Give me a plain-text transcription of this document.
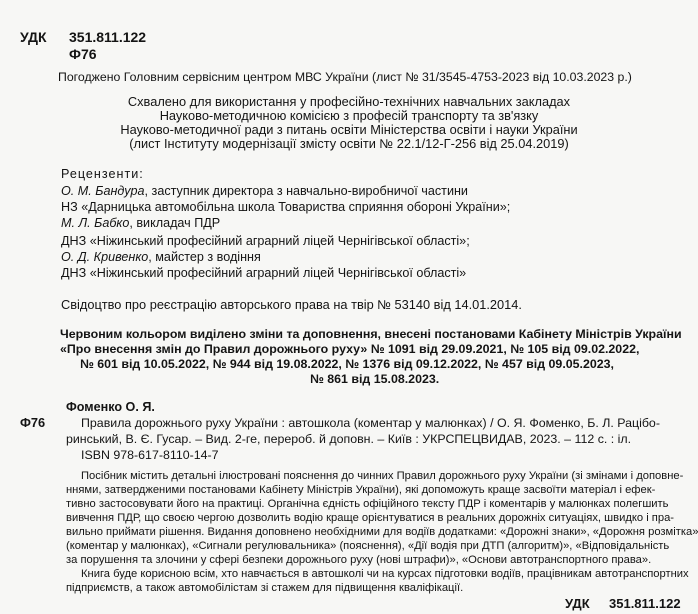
УДК 351.811.122
Ф76
Погоджено Головним сервісним центром МВС України (лист № 31/3545-4753-2023 від 10.03.2023 р.)
Схвалено для використання у професійно-технічних навчальних закладах
Науково-методичною комісією з професій транспорту та зв'язку
Науково-методичної ради з питань освіти Міністерства освіти і науки України
(лист Інституту модернізації змісту освіти № 22.1/12-Г-256 від 25.04.2019)
Рецензенти:
О. М. Бандура, заступник директора з навчально-виробничої частини
НЗ «Дарницька автомобільна школа Товариства сприяння обороні України»;
М. Л. Бабко, викладач ПДР
ДНЗ «Ніжинський професійний аграрний ліцей Чернігівської області»;
О. Д. Кривенко, майстер з водіння
ДНЗ «Ніжинський професійний аграрний ліцей Чернігівської області»
Свідоцтво про реєстрацію авторського права на твір № 53140 від 14.01.2014.
Червоним кольором виділено зміни та доповнення, внесені постановами Кабінету Міністрів України
«Про внесення змін до Правил дорожнього руху» № 1091 від 29.09.2021, № 105 від 09.02.2022,
№ 601 від 10.05.2022, № 944 від 19.08.2022, № 1376 від 09.12.2022, № 457 від 09.05.2023,
№ 861 від 15.08.2023.
Ф76
Фоменко О. Я.
Правила дорожнього руху України : автошкола (коментар у малюнках) / О. Я. Фоменко, Б. Л. Рацібо-
ринський, В. Є. Гусар. – Вид. 2-ге, перероб. й доповн. – Київ : УКРСПЕЦВИДАВ, 2023. – 112 с. : іл.
ISBN 978-617-8110-14-7
Посібник містить детальні ілюстровані пояснення до чинних Правил дорожнього руху України (зі змінами і доповне-
ннями, затвердженими постановами Кабінету Міністрів України), які допоможуть краще засвоїти матеріал і ефек-
тивно застосовувати його на практиці. Органічна єдність офіційного тексту ПДР і коментарів у малюнках полегшить
вивчення ПДР, що своєю чергою дозволить водію краще орієнтуватися в реальних дорожніх ситуаціях, швидко і пра-
вильно приймати рішення. Видання доповнено необхідними для водіїв додатками: «Дорожні знаки», «Дорожня розмітка»
(коментар у малюнках), «Сигнали регулювальника» (пояснення), «Дії водія при ДТП (алгоритм)», «Відповідальність
за порушення та злочини у сфері безпеки дорожнього руху (нові штрафи)», «Основи автотранспортного права».
Книга буде корисною всім, хто навчається в автошколі чи на курсах підготовки водіїв, працівникам автотранспортних
підприємств, а також автомобілістам зі стажем для підвищення кваліфікації.
УДК 351.811.122
